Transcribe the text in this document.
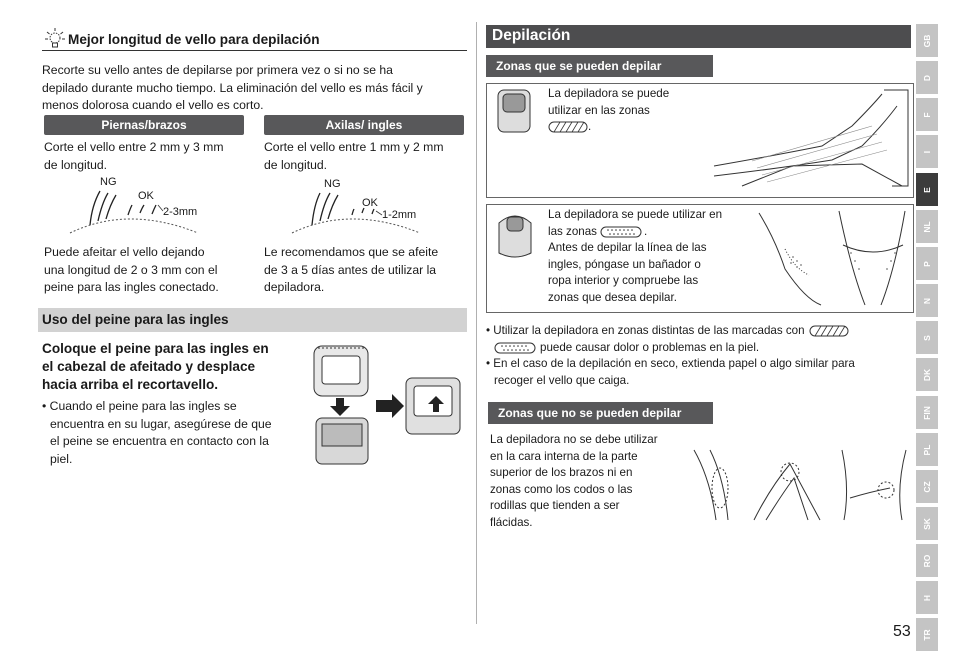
Mejor longitud de vello para depilación
Recorte su vello antes de depilarse por primera vez o si no se ha
depilado durante mucho tiempo. La eliminación del vello es más fácil y
menos dolorosa cuando el vello es corto.
Piernas/brazos
Corte el vello entre 2 mm y 3 mm
de longitud.
NG
OK
2-3mm
Puede afeitar el vello dejando
una longitud de 2 o 3 mm con el
peine para las ingles conectado.
Axilas/ ingles
Corte el vello entre 1 mm y 2 mm
de longitud.
NG
OK
1-2mm
Le recomendamos que se afeite
de 3 a 5 días antes de utilizar la
depiladora.
Uso del peine para las ingles
Coloque el peine para las ingles en
el cabezal de afeitado y desplace
hacia arriba el recortavello.
• Cuando el peine para las ingles se
encuentra en su lugar, asegúrese de que
el peine se encuentra en contacto con la
piel.
Depilación
Zonas que se pueden depilar
La depiladora se puede
utilizar en las zonas
.
La depiladora se puede utilizar en
las zonas	.
Antes de depilar la línea de las
ingles, póngase un bañador o
ropa interior y compruebe las
zonas que desea depilar.
• Utilizar la depiladora en zonas distintas de las marcadas con
puede causar dolor o problemas en la piel.
• En el caso de la depilación en seco, extienda papel o algo similar para
recoger el vello que caiga.
Zonas que no se pueden depilar
La depiladora no se debe utilizar
en la cara interna de la parte
superior de los brazos ni en
zonas como los codos o las
rodillas que tienden a ser
flácidas.
GB
D
F
I
E
NL
P
N
S
DK
FIN
PL
CZ
SK
RO
H
TR
53
